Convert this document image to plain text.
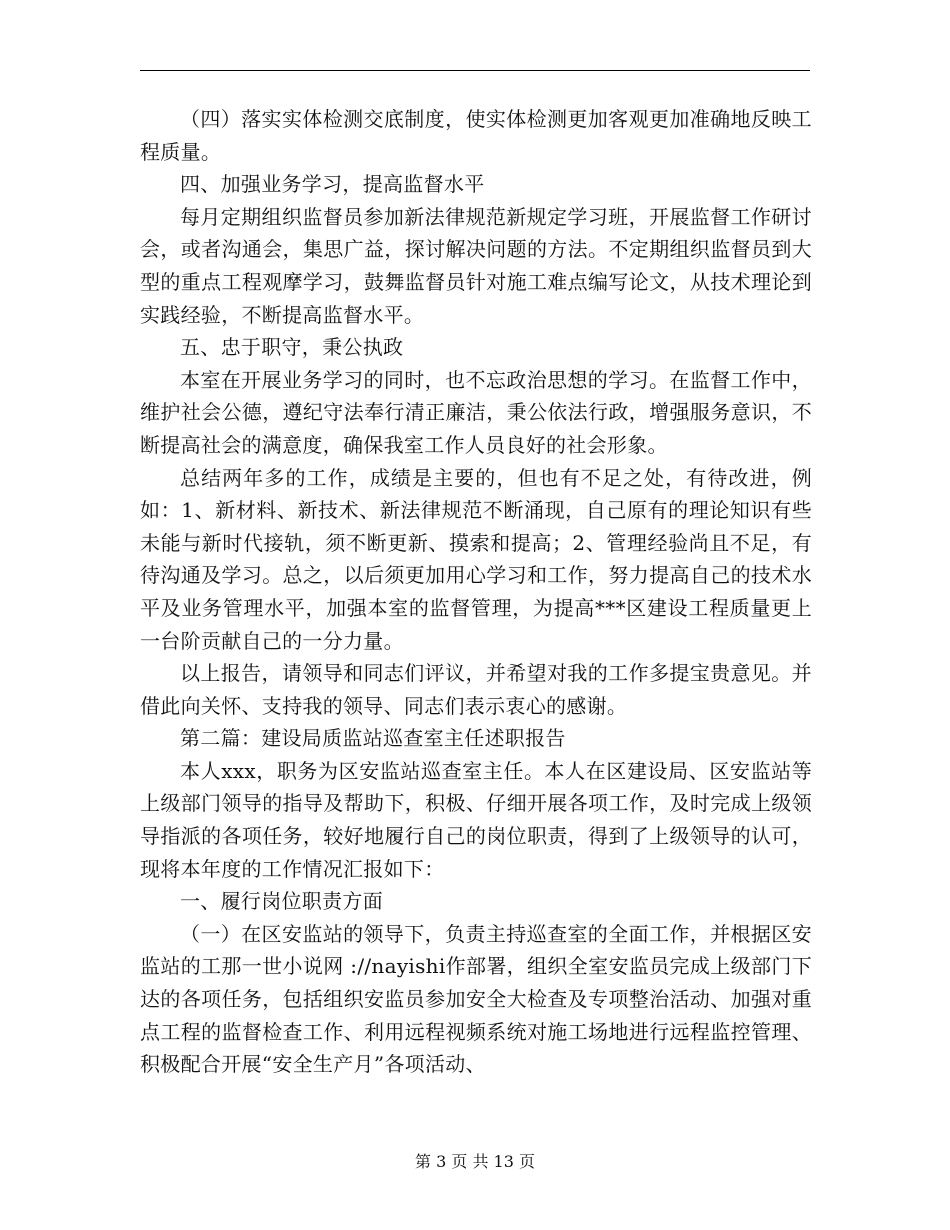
（四）落实实体检测交底制度，使实体检测更加客观更加准确地反映工程质量。

四、加强业务学习，提高监督水平

每月定期组织监督员参加新法律规范新规定学习班，开展监督工作研讨会，或者沟通会，集思广益，探讨解决问题的方法。不定期组织监督员到大型的重点工程观摩学习，鼓舞监督员针对施工难点编写论文，从技术理论到实践经验，不断提高监督水平。

五、忠于职守，秉公执政

本室在开展业务学习的同时，也不忘政治思想的学习。在监督工作中，维护社会公德，遵纪守法奉行清正廉洁，秉公依法行政，增强服务意识，不断提高社会的满意度，确保我室工作人员良好的社会形象。

总结两年多的工作，成绩是主要的，但也有不足之处，有待改进，例如：1、新材料、新技术、新法律规范不断涌现，自己原有的理论知识有些未能与新时代接轨，须不断更新、摸索和提高；2、管理经验尚且不足，有待沟通及学习。总之，以后须更加用心学习和工作，努力提高自己的技术水平及业务管理水平，加强本室的监督管理，为提高***区建设工程质量更上一台阶贡献自己的一分力量。

以上报告，请领导和同志们评议，并希望对我的工作多提宝贵意见。并借此向关怀、支持我的领导、同志们表示衷心的感谢。

第二篇：建设局质监站巡查室主任述职报告

本人xxx，职务为区安监站巡查室主任。本人在区建设局、区安监站等上级部门领导的指导及帮助下，积极、仔细开展各项工作，及时完成上级领导指派的各项任务，较好地履行自己的岗位职责，得到了上级领导的认可，现将本年度的工作情况汇报如下：

一、履行岗位职责方面

（一）在区安监站的领导下，负责主持巡查室的全面工作，并根据区安监站的工那一世小说网 ://nayishi作部署，组织全室安监员完成上级部门下达的各项任务，包括组织安监员参加安全大检查及专项整治活动、加强对重点工程的监督检查工作、利用远程视频系统对施工场地进行远程监控管理、积极配合开展“安全生产月”各项活动、

第 3 页 共 13 页
